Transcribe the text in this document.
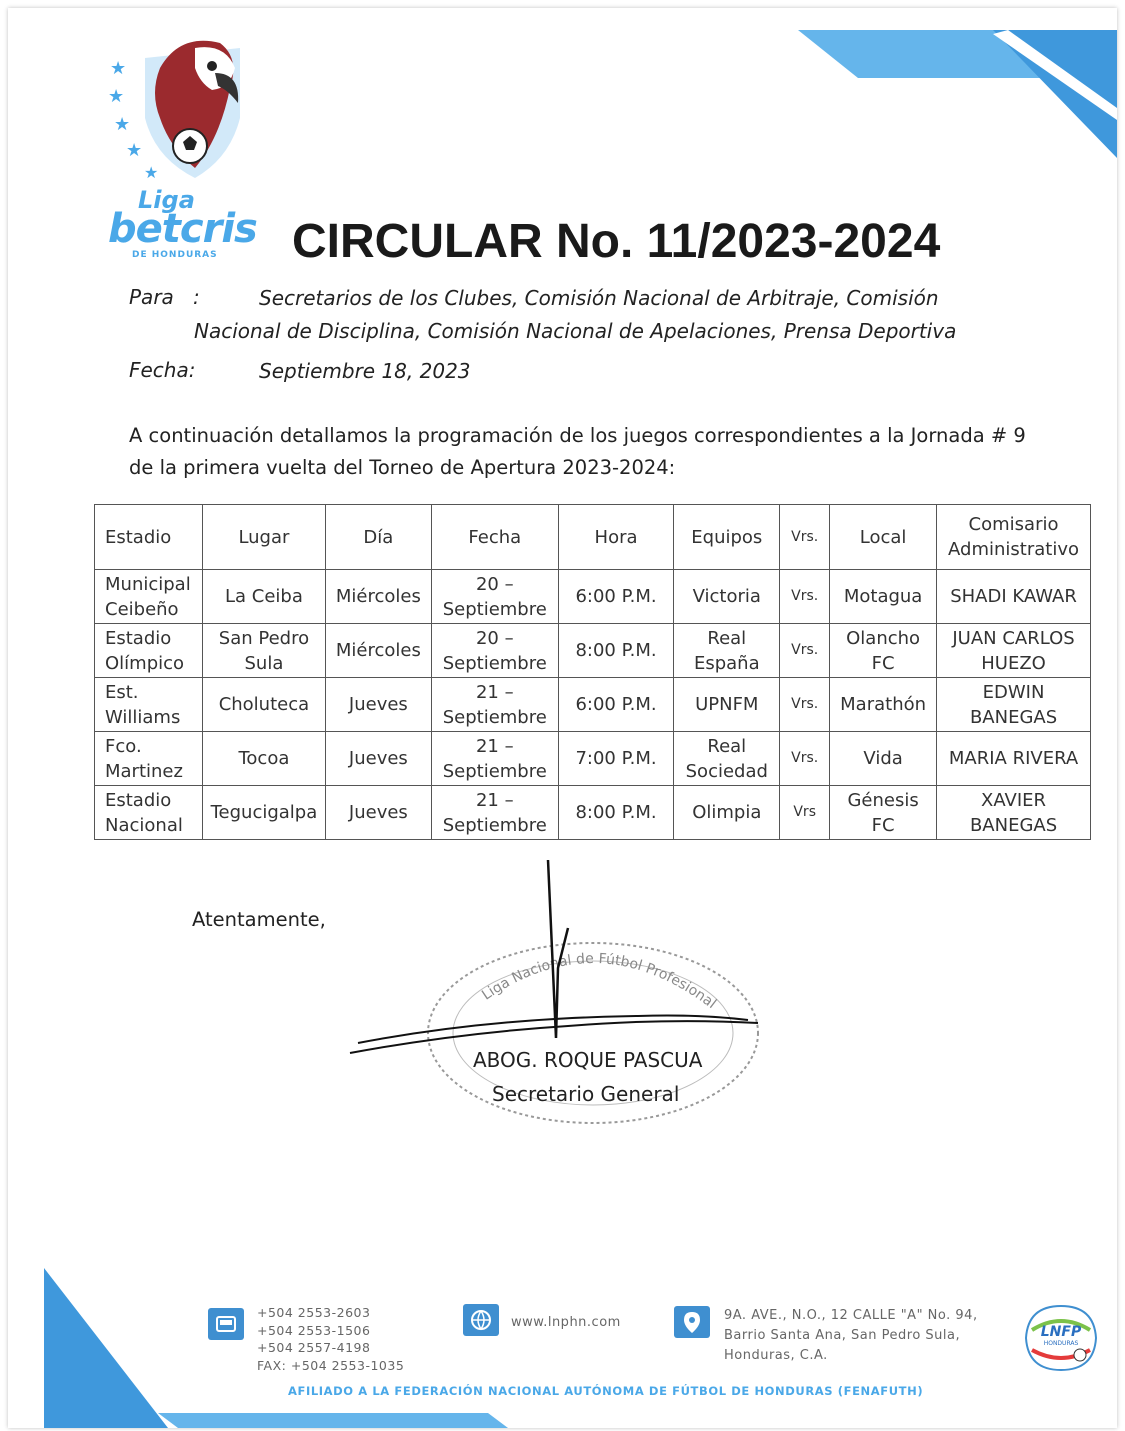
★
★
★
★
★
Liga
betcris
DE HONDURAS CIRCULAR No. 11/2023-2024
Para :	Secretarios de los Clubes, Comisión Nacional de Arbitraje, Comisión
Nacional de Disciplina, Comisión Nacional de Apelaciones, Prensa Deportiva
Fecha:	Septiembre 18, 2023
A continuación detallamos la programación de los juegos correspondientes a la Jornada # 9
de la primera vuelta del Torneo de Apertura 2023-2024:
Estadio	Lugar	Día	Fecha	Hora	Equipos	Vrs.	Local	Comisario Administrativo
Municipal Ceibeño	La Ceiba	Miércoles	20 – Septiembre	6:00 P.M.	Victoria	Vrs.	Motagua	SHADI KAWAR
Estadio Olímpico	San Pedro Sula	Miércoles	20 – Septiembre	8:00 P.M.	Real España	Vrs.	Olancho FC	JUAN CARLOS HUEZO
Est. Williams	Choluteca	Jueves	21 – Septiembre	6:00 P.M.	UPNFM	Vrs.	Marathón	EDWIN BANEGAS
Fco. Martinez	Tocoa	Jueves	21 – Septiembre	7:00 P.M.	Real Sociedad	Vrs.	Vida	MARIA RIVERA
Estadio Nacional	Tegucigalpa	Jueves	21 – Septiembre	8:00 P.M.	Olimpia	Vrs	Génesis FC	XAVIER BANEGAS
Atentamente,
Liga Nacional de Fútbol Profesional
ABOG. ROQUE PASCUA
Secretario General
+504 2553-2603
+504 2553-1506
+504 2557-4198
FAX: +504 2553-1035
www.lnphn.com	9A. AVE., N.O., 12 CALLE "A" No. 94,
Barrio Santa Ana, San Pedro Sula,
Honduras, C.A.
LNFP
HONDURAS
AFILIADO A LA FEDERACIÓN NACIONAL AUTÓNOMA DE FÚTBOL DE HONDURAS (FENAFUTH)
